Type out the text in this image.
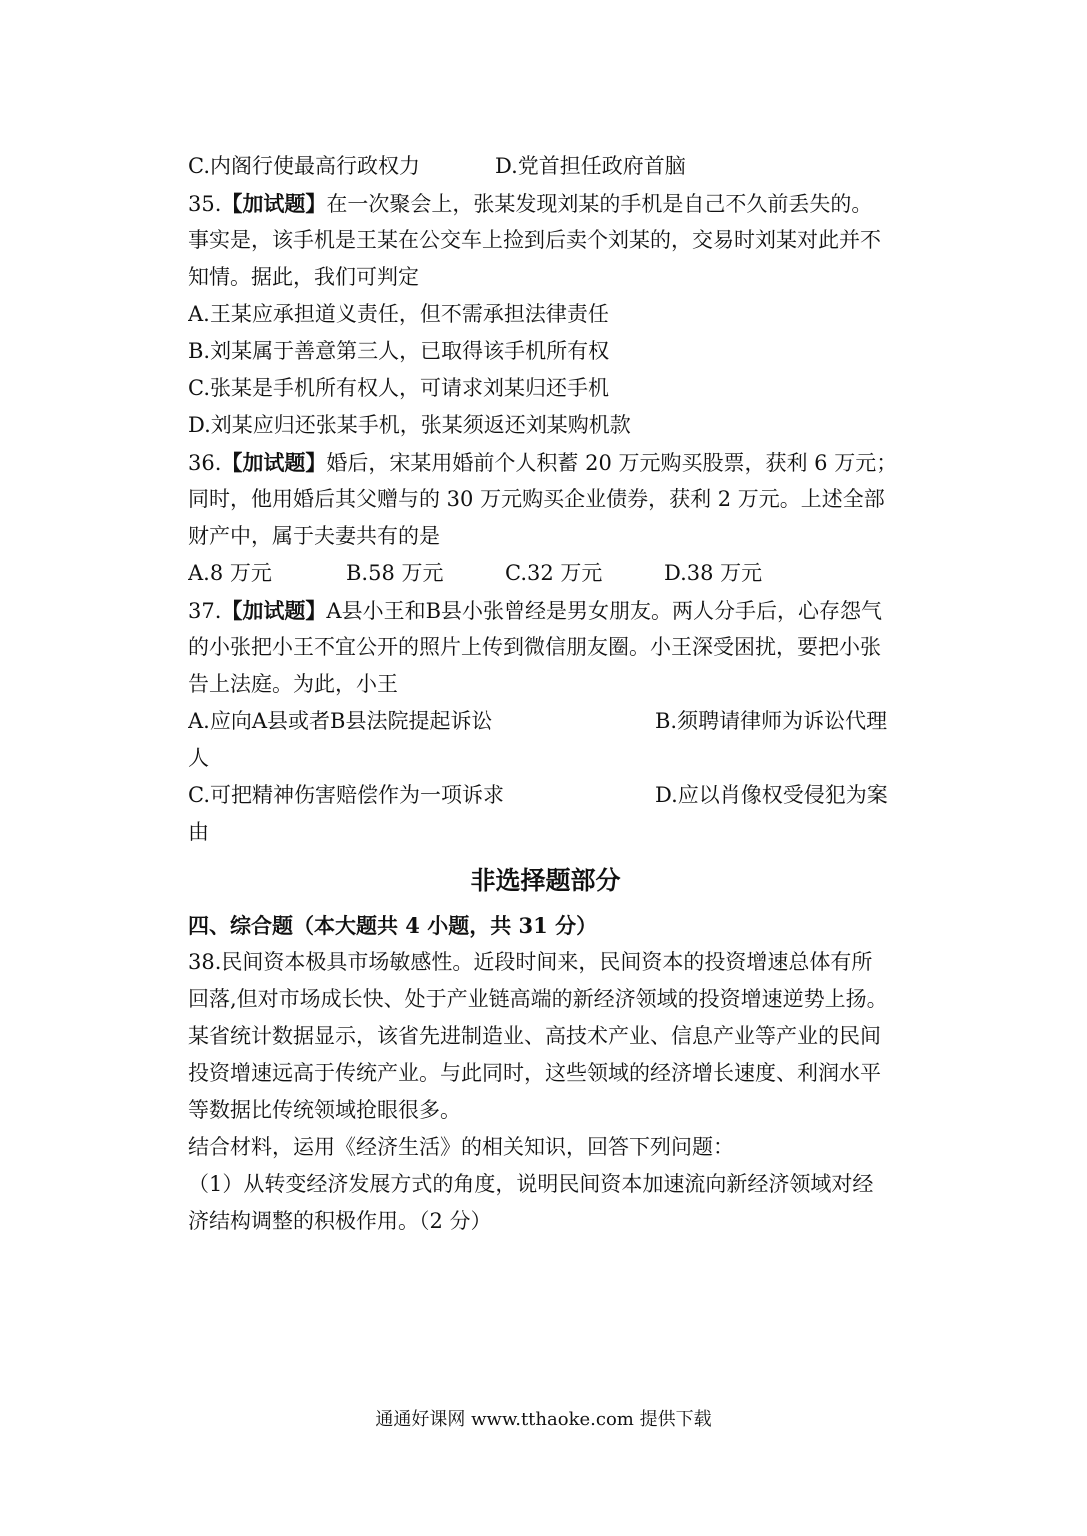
C.内阁行使最高行政权力	D.党首担任政府首脑
35.【加试题】在一次聚会上，张某发现刘某的手机是自己不久前丢失的。
事实是，该手机是王某在公交车上捡到后卖个刘某的，交易时刘某对此并不
知情。据此，我们可判定
A.王某应承担道义责任，但不需承担法律责任
B.刘某属于善意第三人，已取得该手机所有权
C.张某是手机所有权人，可请求刘某归还手机
D.刘某应归还张某手机，张某须返还刘某购机款
36.【加试题】婚后，宋某用婚前个人积蓄 20 万元购买股票，获利 6 万元；
同时，他用婚后其父赠与的 30 万元购买企业债券，获利 2 万元。上述全部
财产中，属于夫妻共有的是
A.8 万元	B.58 万元	C.32 万元	D.38 万元
37.【加试题】A县小王和B县小张曾经是男女朋友。两人分手后，心存怨气
的小张把小王不宜公开的照片上传到微信朋友圈。小王深受困扰，要把小张
告上法庭。为此，小王
A.应向A县或者B县法院提起诉讼	B.须聘请律师为诉讼代理
人
C.可把精神伤害赔偿作为一项诉求	D.应以肖像权受侵犯为案
由
非选择题部分
四、综合题（本大题共 4 小题，共 31 分）
38.民间资本极具市场敏感性。近段时间来，民间资本的投资增速总体有所
回落,但对市场成长快、处于产业链高端的新经济领域的投资增速逆势上扬。
某省统计数据显示，该省先进制造业、高技术产业、信息产业等产业的民间
投资增速远高于传统产业。与此同时，这些领域的经济增长速度、利润水平
等数据比传统领域抢眼很多。
结合材料，运用《经济生活》的相关知识，回答下列问题：
（1）从转变经济发展方式的角度，说明民间资本加速流向新经济领域对经
济结构调整的积极作用。（2 分）
通通好课网 www.tthaoke.com 提供下载
